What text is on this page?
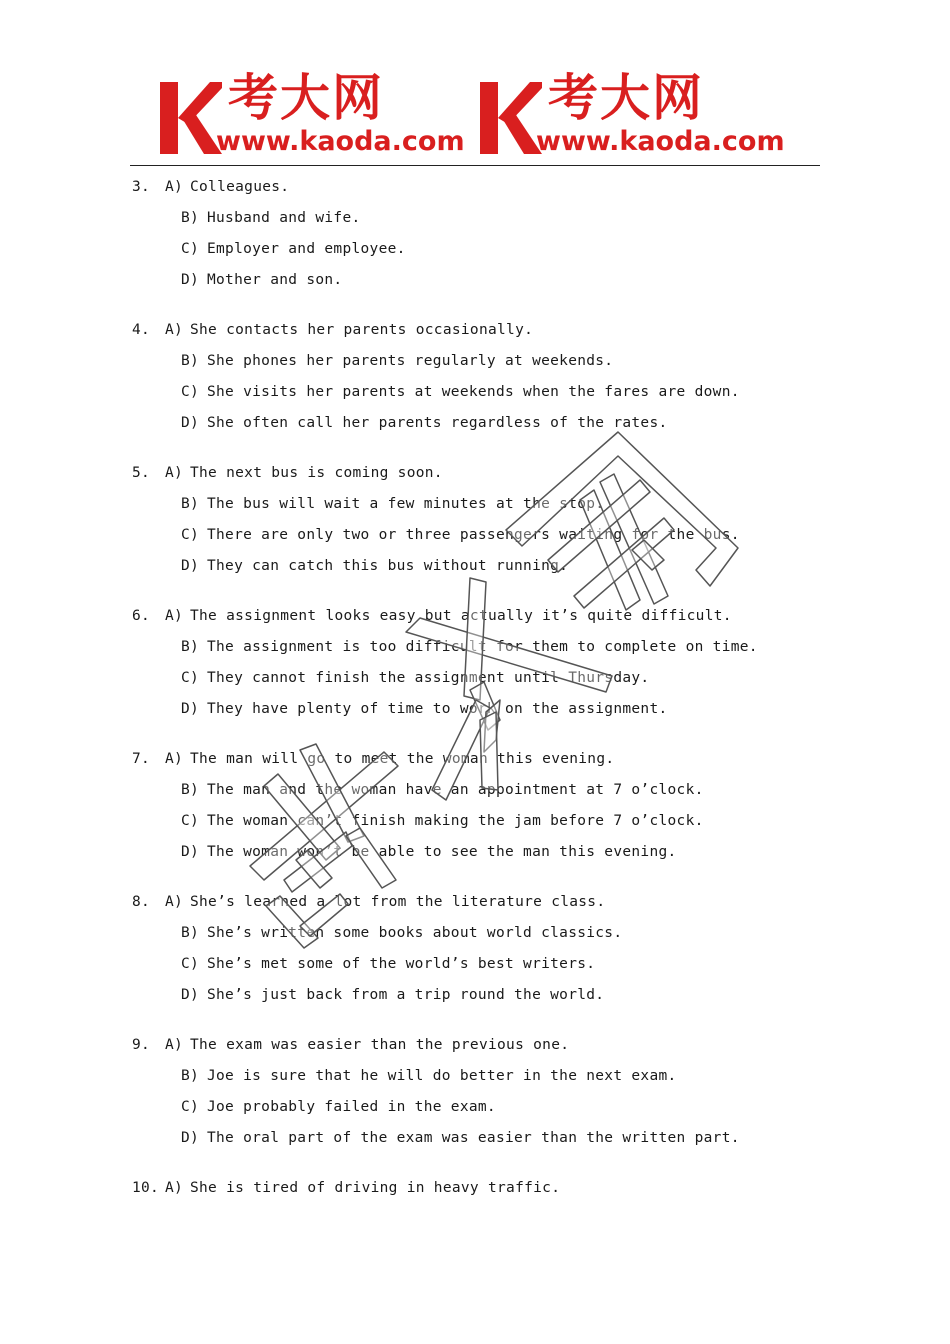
考大网
www.kaoda.com
考大网
www.kaoda.com
3. A) Colleagues.
B) Husband and wife.
C) Employer and employee.
D) Mother and son.
4. A) She contacts her parents occasionally.
B) She phones her parents regularly at weekends.
C) She visits her parents at weekends when the fares are down.
D) She often call her parents regardless of the rates.
5. A) The next bus is coming soon.
B) The bus will wait a few minutes at the stop.
C) There are only two or three passengers waiting for the bus.
D) They can catch this bus without running.
6. A) The assignment looks easy but actually it’s quite difficult.
B) The assignment is too difficult for them to complete on time.
C) They cannot finish the assignment until Thursday.
D) They have plenty of time to work on the assignment.
7. A) The man will go to meet the woman this evening.
B) The man and the woman have an appointment at 7 o’clock.
C) The woman can’t finish making the jam before 7 o’clock.
D) The woman won’t be able to see the man this evening.
8. A) She’s learned a lot from the literature class.
B) She’s written some books about world classics.
C) She’s met some of the world’s best writers.
D) She’s just back from a trip round the world.
9. A) The exam was easier than the previous one.
B) Joe is sure that he will do better in the next exam.
C) Joe probably failed in the exam.
D) The oral part of the exam was easier than the written part.
10. A) She is tired of driving in heavy traffic.
